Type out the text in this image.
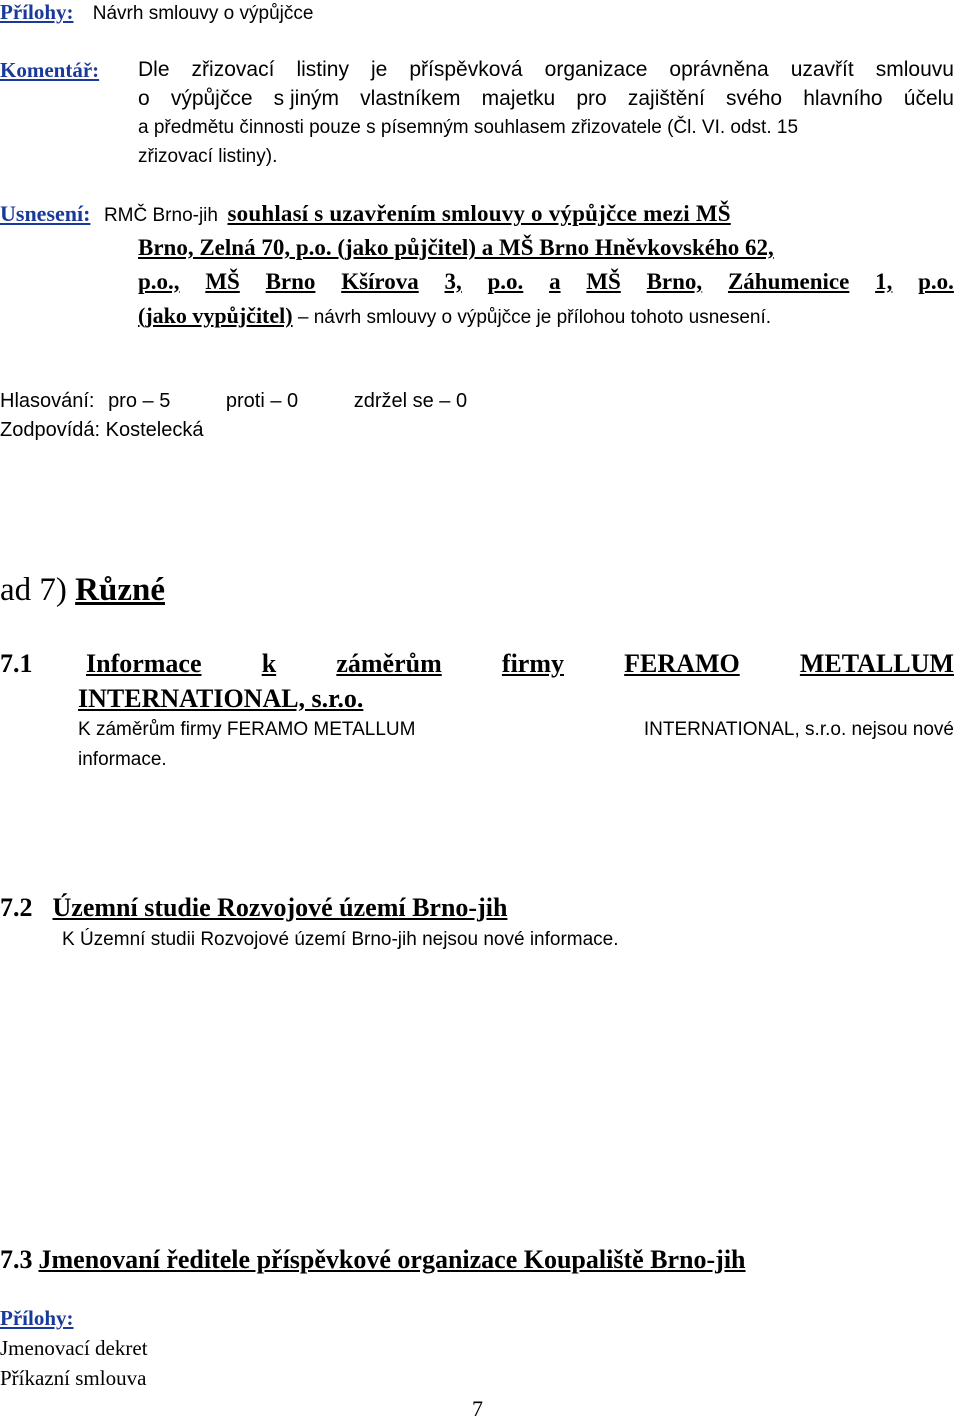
Přílohy: Návrh smlouvy o výpůjčce
Komentář: Dle zřizovací listiny je příspěvková organizace oprávněna uzavřít smlouvu
o výpůjčce s jiným vlastníkem majetku pro zajištění svého hlavního účelu
a předmětu činnosti pouze s písemným souhlasem zřizovatele (Čl. VI. odst. 15
zřizovací listiny).
Usnesení: RMČ Brno-jih souhlasí s uzavřením smlouvy o výpůjčce mezi MŠ
Brno, Zelná 70, p.o. (jako půjčitel) a MŠ Brno Hněvkovského 62,
p.o., MŠ Brno Kšírova 3, p.o. a MŠ Brno, Záhumenice 1, p.o.
(jako vypůjčitel) – návrh smlouvy o výpůjčce je přílohou tohoto usnesení.
Hlasování: pro – 5	proti – 0	zdržel se – 0
Zodpovídá: Kostelecká
ad 7) Různé
7.1 Informace k záměrům firmy FERAMO METALLUM
INTERNATIONAL, s.r.o.
K záměrům firmy FERAMO METALLUM	INTERNATIONAL, s.r.o. nejsou nové
informace.
7.2 Územní studie Rozvojové území Brno-jih
K Územní studii Rozvojové území Brno-jih nejsou nové informace.
7.3 Jmenovaní ředitele příspěvkové organizace Koupaliště Brno-jih
Přílohy:
Jmenovací dekret
Příkazní smlouva
7
